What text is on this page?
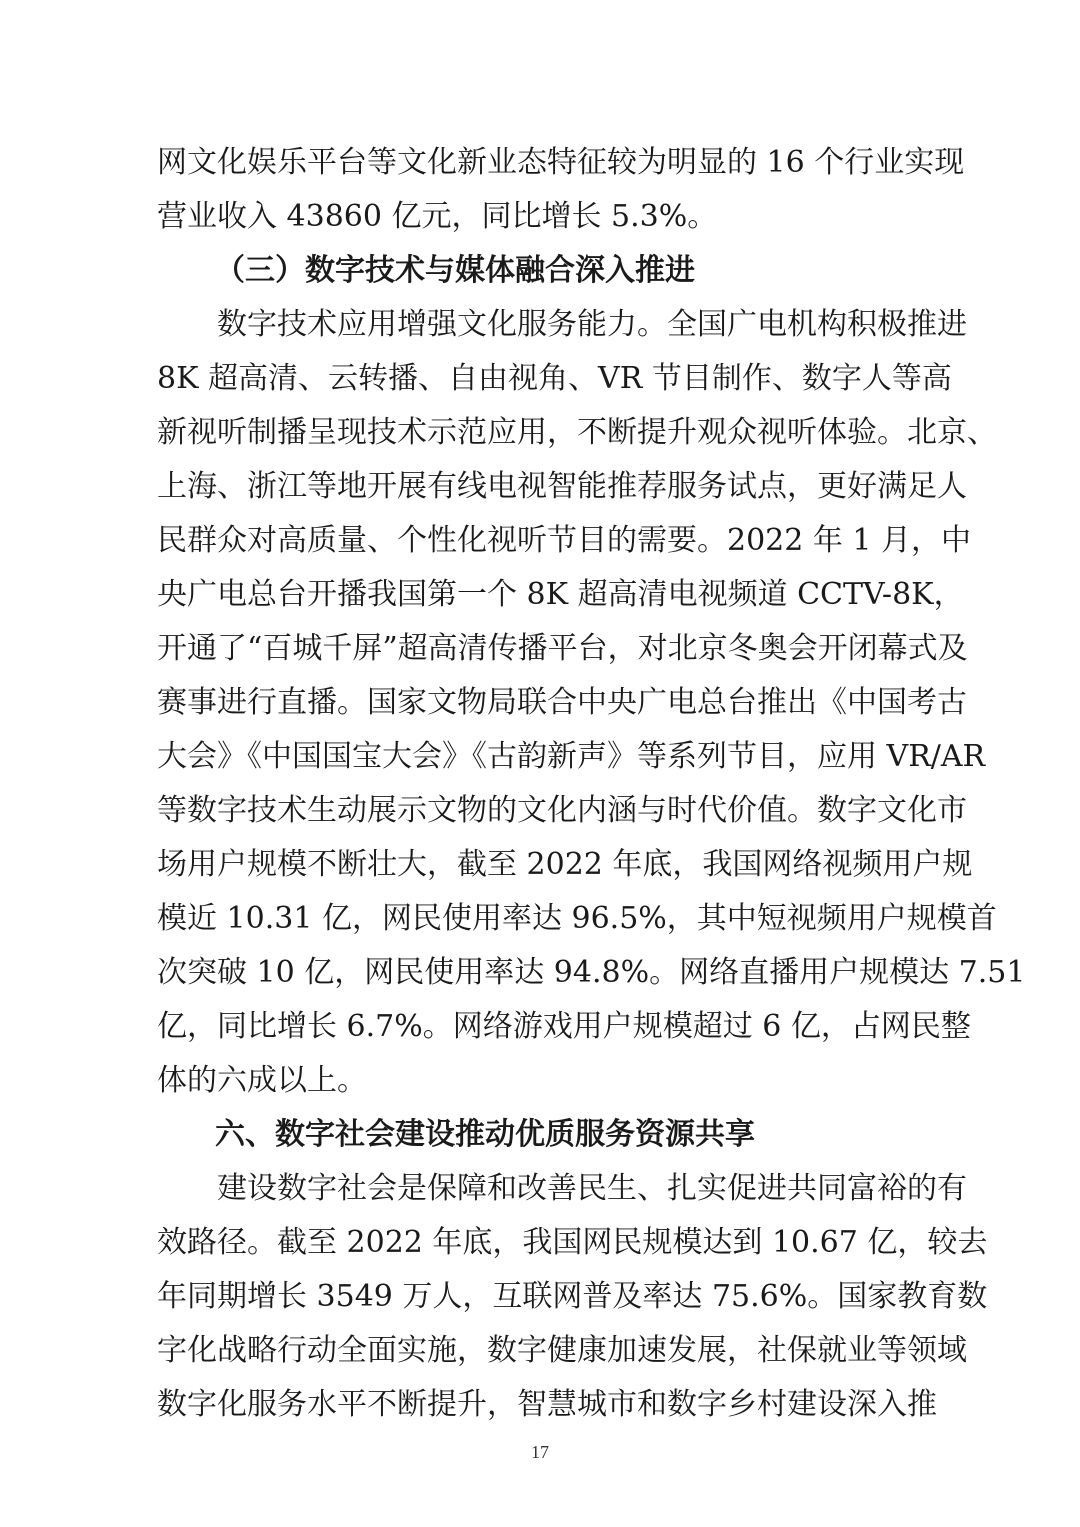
网文化娱乐平台等文化新业态特征较为明显的 16 个行业实现
营业收入 43860 亿元，同比增长 5.3%。
（三）数字技术与媒体融合深入推进
数字技术应用增强文化服务能力。全国广电机构积极推进
8K 超高清、云转播、自由视角、VR 节目制作、数字人等高
新视听制播呈现技术示范应用，不断提升观众视听体验。北京、
上海、浙江等地开展有线电视智能推荐服务试点，更好满足人
民群众对高质量、个性化视听节目的需要。2022 年 1 月，中
央广电总台开播我国第一个 8K 超高清电视频道 CCTV-8K，
开通了“百城千屏”超高清传播平台，对北京冬奥会开闭幕式及
赛事进行直播。国家文物局联合中央广电总台推出《中国考古
大会》《中国国宝大会》《古韵新声》等系列节目，应用 VR/AR
等数字技术生动展示文物的文化内涵与时代价值。数字文化市
场用户规模不断壮大，截至 2022 年底，我国网络视频用户规
模近 10.31 亿，网民使用率达 96.5%，其中短视频用户规模首
次突破 10 亿，网民使用率达 94.8%。网络直播用户规模达 7.51
亿，同比增长 6.7%。网络游戏用户规模超过 6 亿，占网民整
体的六成以上。
六、数字社会建设推动优质服务资源共享
建设数字社会是保障和改善民生、扎实促进共同富裕的有
效路径。截至 2022 年底，我国网民规模达到 10.67 亿，较去
年同期增长 3549 万人，互联网普及率达 75.6%。国家教育数
字化战略行动全面实施，数字健康加速发展，社保就业等领域
数字化服务水平不断提升，智慧城市和数字乡村建设深入推
17
